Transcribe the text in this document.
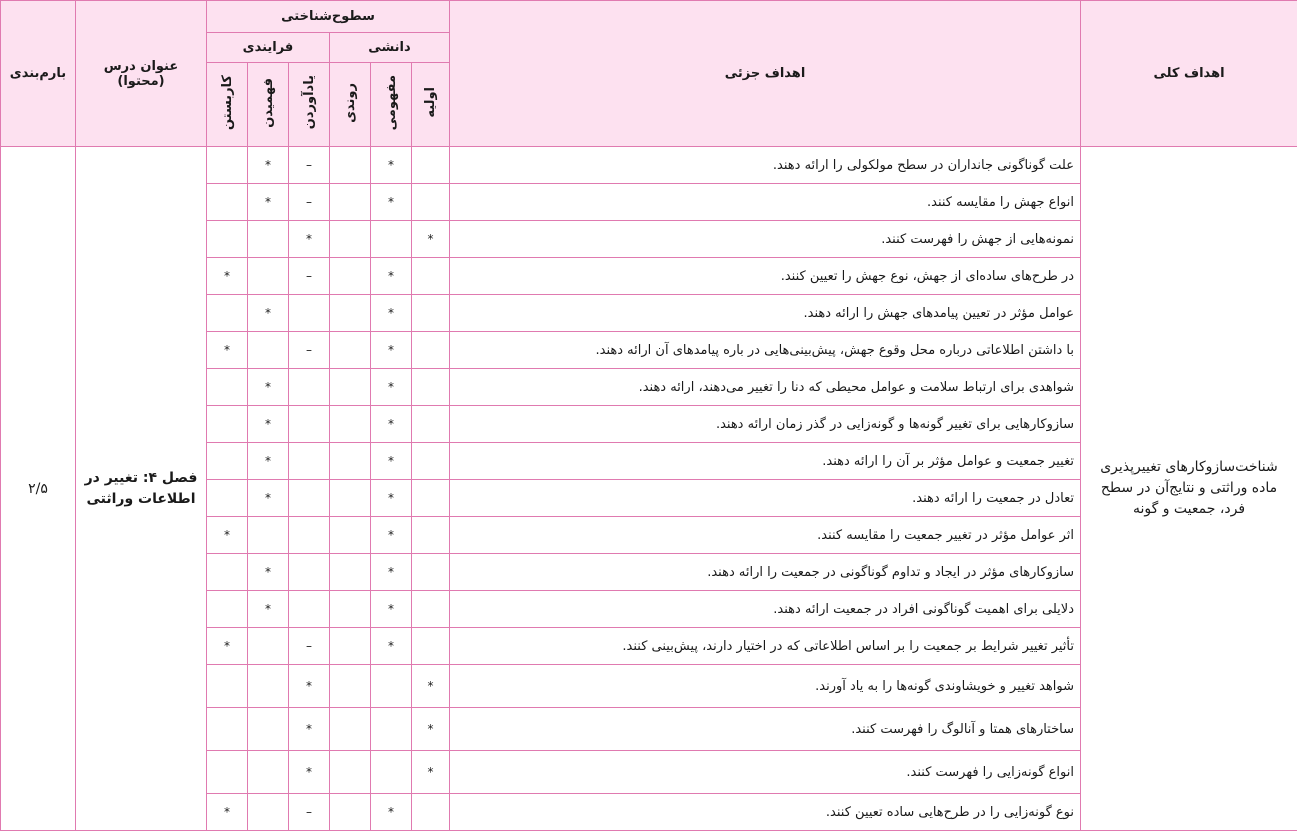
اهداف کلی	اهداف جزئی	سطوح‌شناختی						عنوان درس
(محتوا)	بارم‌بندی
		دانشی			فرایندی				
		اولیه	مفهومی	روندی	یادآوردن	فهمیدن	کاربستن		
شناخت‌سازوکارهای تغییرپذیری ماده وراثتی و نتایج‌آن در سطح فرد، جمعیت و گونه	علت گوناگونی جانداران در سطح مولکولی را ارائه دهند.		*		–	*		فصل ۴: تغییر در اطلاعات وراثتی	۲/۵
	انواع جهش را مقایسه کنند.		*		–	*			
	نمونه‌هایی از جهش را فهرست کنند.	*			*				
	در طرح‌های ساده‌ای از جهش، نوع جهش را تعیین کنند.		*		–		*		
	عوامل مؤثر در تعیین پیامدهای جهش را ارائه دهند.		*			*			
	با داشتن اطلاعاتی درباره محل وقوع جهش، پیش‌بینی‌هایی در باره پیامدهای آن ارائه دهند.		*		–		*		
	شواهدی برای ارتباط سلامت و عوامل محیطی که دنا را تغییر می‌دهند، ارائه دهند.		*			*			
	سازوکارهایی برای تغییر گونه‌ها و گونه‌زایی در گذر زمان ارائه دهند.		*			*			
	تغییر جمعیت و عوامل مؤثر بر آن را ارائه دهند.		*			*			
	تعادل در جمعیت را ارائه دهند.		*			*			
	اثر عوامل مؤثر در تغییر جمعیت را مقایسه کنند.		*				*		
	سازوکارهای مؤثر در ایجاد و تداوم گوناگونی در جمعیت را ارائه دهند.		*			*			
	دلایلی برای اهمیت گوناگونی افراد در جمعیت ارائه دهند.		*			*			
	تأثیر تغییر شرایط بر جمعیت را بر اساس اطلاعاتی که در اختیار دارند، پیش‌بینی کنند.		*		–		*		
	شواهد تغییر و خویشاوندی گونه‌ها را به یاد آورند.	*			*				
	ساختارهای همتا و آنالوگ را فهرست کنند.	*			*				
	انواع گونه‌زایی را فهرست کنند.	*			*				
	نوع گونه‌زایی را در طرح‌هایی ساده تعیین کنند.		*		–		*		
